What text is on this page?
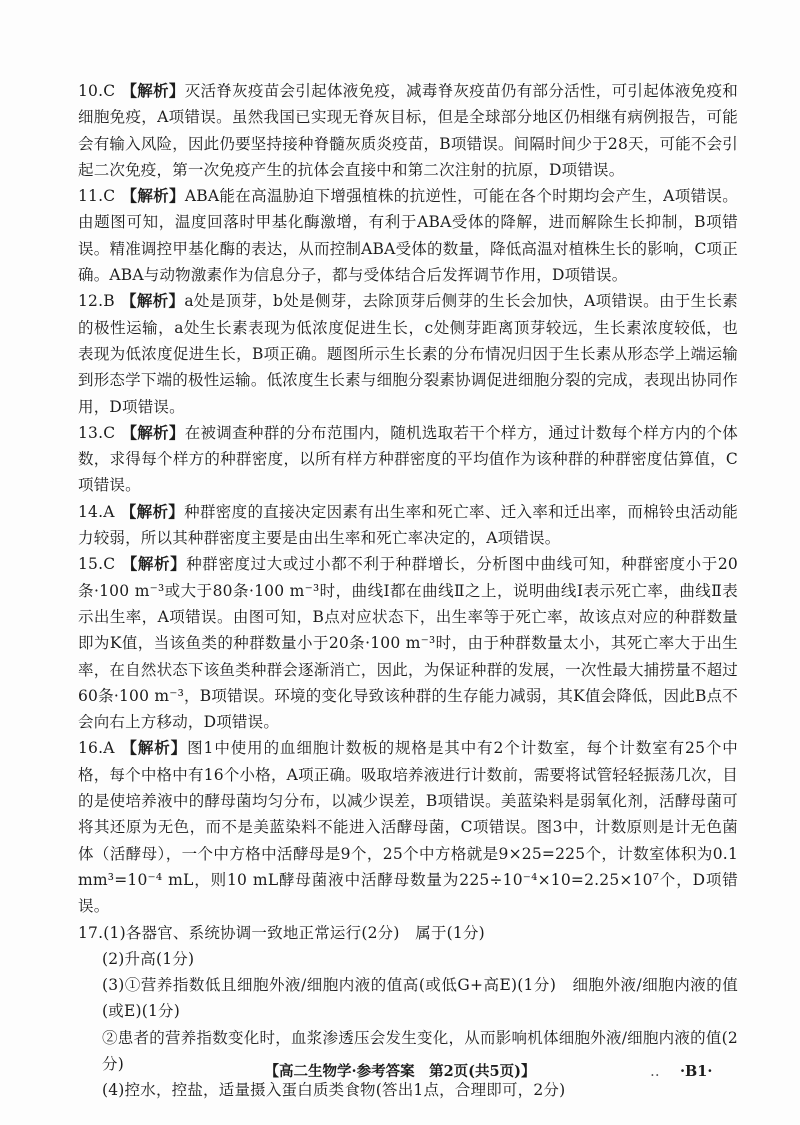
10.C 【解析】灭活脊灰疫苗会引起体液免疫，减毒脊灰疫苗仍有部分活性，可引起体液免疫和细胞免疫，A项错误。虽然我国已实现无脊灰目标，但是全球部分地区仍相继有病例报告，可能会有输入风险，因此仍要坚持接种脊髓灰质炎疫苗，B项错误。间隔时间少于28天，可能不会引起二次免疫，第一次免疫产生的抗体会直接中和第二次注射的抗原，D项错误。

11.C 【解析】ABA能在高温胁迫下增强植株的抗逆性，可能在各个时期均会产生，A项错误。由题图可知，温度回落时甲基化酶激增，有利于ABA受体的降解，进而解除生长抑制，B项错误。精准调控甲基化酶的表达，从而控制ABA受体的数量，降低高温对植株生长的影响，C项正确。ABA与动物激素作为信息分子，都与受体结合后发挥调节作用，D项错误。

12.B 【解析】a处是顶芽，b处是侧芽，去除顶芽后侧芽的生长会加快，A项错误。由于生长素的极性运输，a处生长素表现为低浓度促进生长，c处侧芽距离顶芽较远，生长素浓度较低，也表现为低浓度促进生长，B项正确。题图所示生长素的分布情况归因于生长素从形态学上端运输到形态学下端的极性运输。低浓度生长素与细胞分裂素协调促进细胞分裂的完成，表现出协同作用，D项错误。

13.C 【解析】在被调查种群的分布范围内，随机选取若干个样方，通过计数每个样方内的个体数，求得每个样方的种群密度，以所有样方种群密度的平均值作为该种群的种群密度估算值，C项错误。

14.A 【解析】种群密度的直接决定因素有出生率和死亡率、迁入率和迁出率，而棉铃虫活动能力较弱，所以其种群密度主要是由出生率和死亡率决定的，A项错误。

15.C 【解析】种群密度过大或过小都不利于种群增长，分析图中曲线可知，种群密度小于20条·100 m⁻³或大于80条·100 m⁻³时，曲线Ⅰ都在曲线Ⅱ之上，说明曲线Ⅰ表示死亡率，曲线Ⅱ表示出生率，A项错误。由图可知，B点对应状态下，出生率等于死亡率，故该点对应的种群数量即为K值，当该鱼类的种群数量小于20条·100 m⁻³时，由于种群数量太小，其死亡率大于出生率，在自然状态下该鱼类种群会逐渐消亡，因此，为保证种群的发展，一次性最大捕捞量不超过60条·100 m⁻³，B项错误。环境的变化导致该种群的生存能力减弱，其K值会降低，因此B点不会向右上方移动，D项错误。

16.A 【解析】图1中使用的血细胞计数板的规格是其中有2个计数室，每个计数室有25个中格，每个中格中有16个小格，A项正确。吸取培养液进行计数前，需要将试管轻轻振荡几次，目的是使培养液中的酵母菌均匀分布，以减少误差，B项错误。美蓝染料是弱氧化剂，活酵母菌可将其还原为无色，而不是美蓝染料不能进入活酵母菌，C项错误。图3中，计数原则是计无色菌体（活酵母），一个中方格中活酵母是9个，25个中方格就是9×25=225个，计数室体积为0.1 mm³=10⁻⁴ mL，则10 mL酵母菌液中活酵母数量为225÷10⁻⁴×10=2.25×10⁷个，D项错误。

17.(1)各器官、系统协调一致地正常运行(2分)　属于(1分)

(2)升高(1分)

(3)①营养指数低且细胞外液/细胞内液的值高(或低G+高E)(1分)　细胞外液/细胞内液的值(或E)(1分)

②患者的营养指数变化时，血浆渗透压会发生变化，从而影响机体细胞外液/细胞内液的值(2分)

(4)控水，控盐，适量摄入蛋白质类食物(答出1点，合理即可，2分)

【高二生物学·参考答案　第2页(共5页)】	‥ ·B1·
